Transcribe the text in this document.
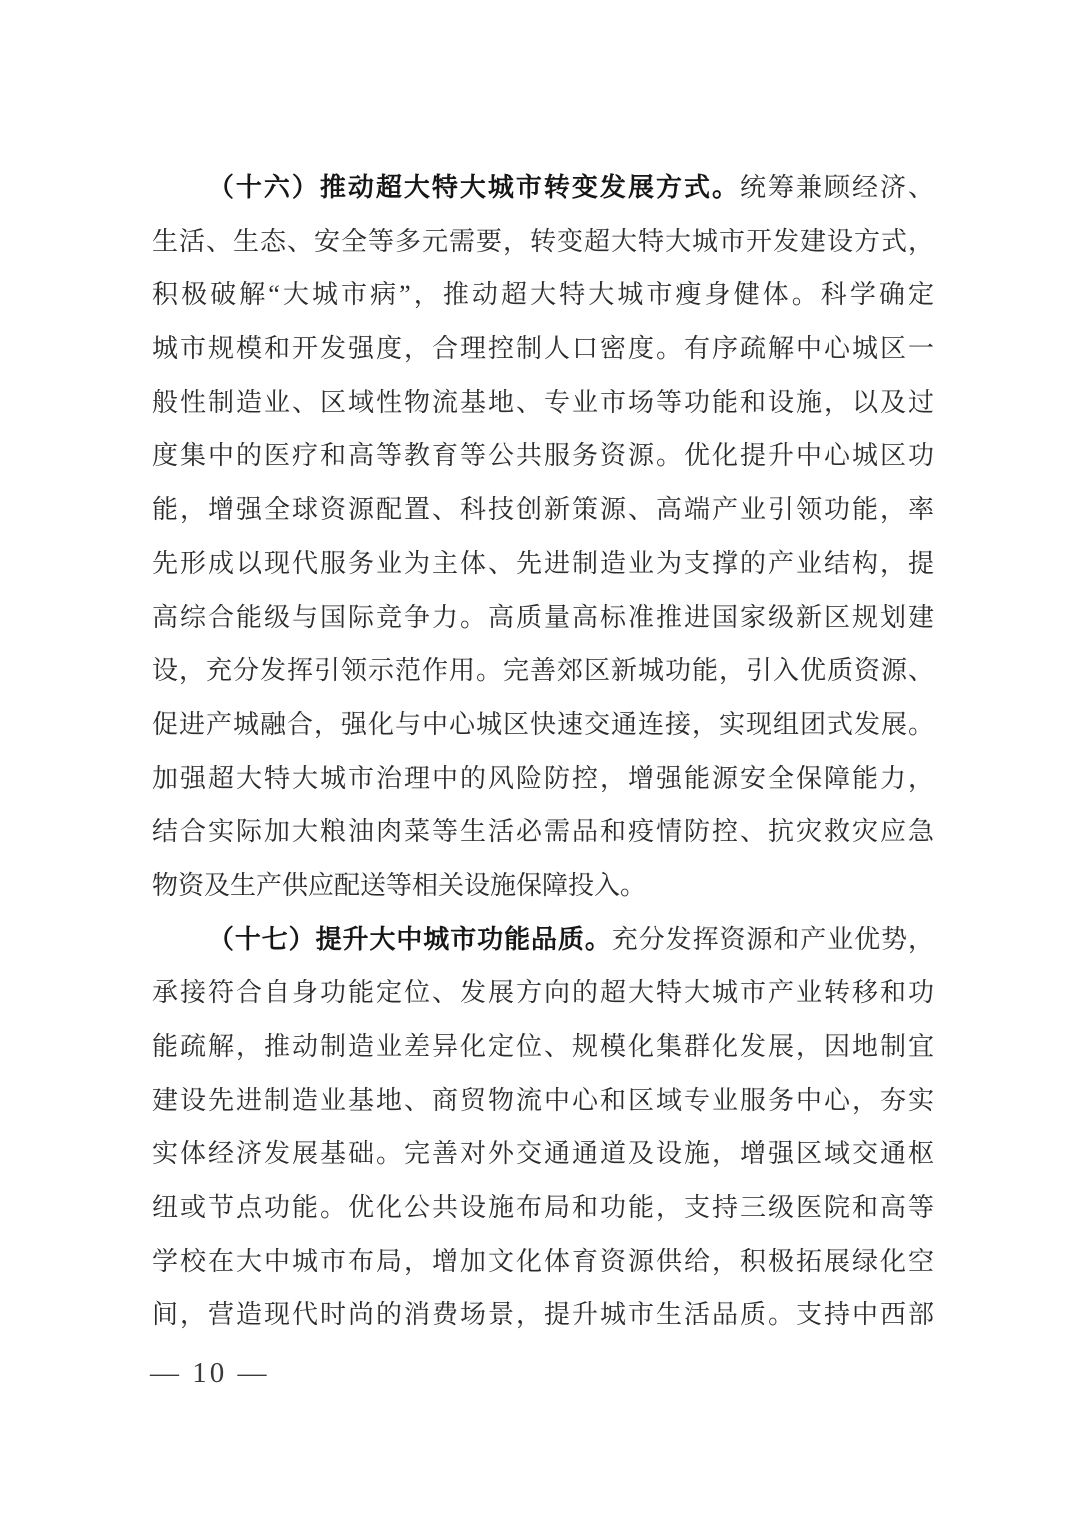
（十六）推动超大特大城市转变发展方式。统筹兼顾经济、
生活、生态、安全等多元需要，转变超大特大城市开发建设方式，
积极破解“大城市病”，推动超大特大城市瘦身健体。科学确定
城市规模和开发强度，合理控制人口密度。有序疏解中心城区一
般性制造业、区域性物流基地、专业市场等功能和设施，以及过
度集中的医疗和高等教育等公共服务资源。优化提升中心城区功
能，增强全球资源配置、科技创新策源、高端产业引领功能，率
先形成以现代服务业为主体、先进制造业为支撑的产业结构，提
高综合能级与国际竞争力。高质量高标准推进国家级新区规划建
设，充分发挥引领示范作用。完善郊区新城功能，引入优质资源、
促进产城融合，强化与中心城区快速交通连接，实现组团式发展。
加强超大特大城市治理中的风险防控，增强能源安全保障能力，
结合实际加大粮油肉菜等生活必需品和疫情防控、抗灾救灾应急
物资及生产供应配送等相关设施保障投入。

（十七）提升大中城市功能品质。充分发挥资源和产业优势，
承接符合自身功能定位、发展方向的超大特大城市产业转移和功
能疏解，推动制造业差异化定位、规模化集群化发展，因地制宜
建设先进制造业基地、商贸物流中心和区域专业服务中心，夯实
实体经济发展基础。完善对外交通通道及设施，增强区域交通枢
纽或节点功能。优化公共设施布局和功能，支持三级医院和高等
学校在大中城市布局，增加文化体育资源供给，积极拓展绿化空
间，营造现代时尚的消费场景，提升城市生活品质。支持中西部

— 10 —
